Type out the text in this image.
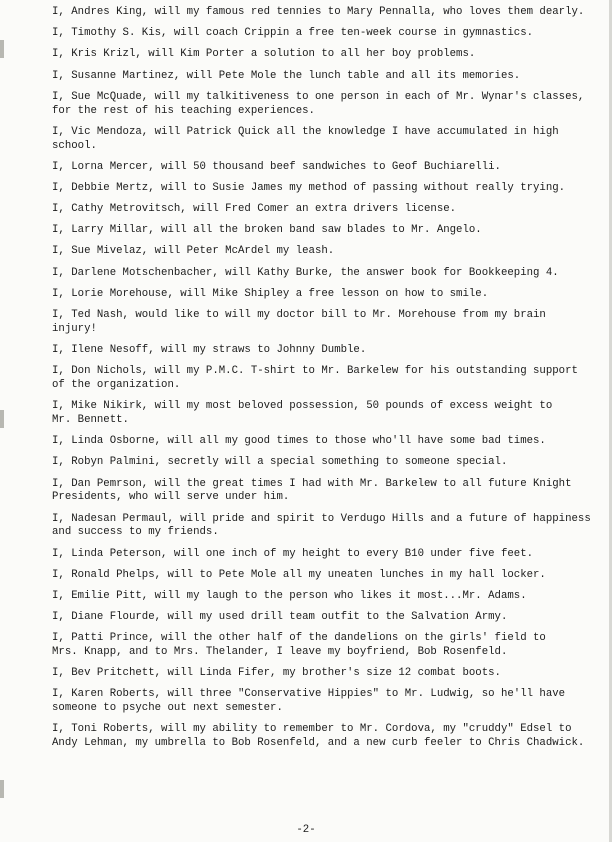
I, Andres King, will my famous red tennies to Mary Pennalla, who loves them dearly.
I, Timothy S. Kis, will coach Crippin a free ten-week course in gymnastics.
I, Kris Krizl, will Kim Porter a solution to all her boy problems.
I, Susanne Martinez, will Pete Mole the lunch table and all its memories.
I, Sue McQuade, will my talkitiveness to one person in each of Mr. Wynar's classes,
for the rest of his teaching experiences.
I, Vic Mendoza, will Patrick Quick all the knowledge I have accumulated in high
school.
I, Lorna Mercer, will 50 thousand beef sandwiches to Geof Buchiarelli.
I, Debbie Mertz, will to Susie James my method of passing without really trying.
I, Cathy Metrovitsch, will Fred Comer an extra drivers license.
I, Larry Millar, will all the broken band saw blades to Mr. Angelo.
I, Sue Mivelaz, will Peter McArdel my leash.
I, Darlene Motschenbacher, will Kathy Burke, the answer book for Bookkeeping 4.
I, Lorie Morehouse, will Mike Shipley a free lesson on how to smile.
I, Ted Nash, would like to will my doctor bill to Mr. Morehouse from my brain
injury!
I, Ilene Nesoff, will my straws to Johnny Dumble.
I, Don Nichols, will my P.M.C. T-shirt to Mr. Barkelew for his outstanding support
of the organization.
I, Mike Nikirk, will my most beloved possession, 50 pounds of excess weight to
Mr. Bennett.
I, Linda Osborne, will all my good times to those who'll have some bad times.
I, Robyn Palmini, secretly will a special something to someone special.
I, Dan Pemrson, will the great times I had with Mr. Barkelew to all future Knight
Presidents, who will serve under him.
I, Nadesan Permaul, will pride and spirit to Verdugo Hills and a future of happiness
and success to my friends.
I, Linda Peterson, will one inch of my height to every B10 under five feet.
I, Ronald Phelps, will to Pete Mole all my uneaten lunches in my hall locker.
I, Emilie Pitt, will my laugh to the person who likes it most...Mr. Adams.
I, Diane Flourde, will my used drill team outfit to the Salvation Army.
I, Patti Prince, will the other half of the dandelions on the girls' field to
Mrs. Knapp, and to Mrs. Thelander, I leave my boyfriend, Bob Rosenfeld.
I, Bev Pritchett, will Linda Fifer, my brother's size 12 combat boots.
I, Karen Roberts, will three "Conservative Hippies" to Mr. Ludwig, so he'll have
someone to psyche out next semester.
I, Toni Roberts, will my ability to remember to Mr. Cordova, my "cruddy" Edsel to
Andy Lehman, my umbrella to Bob Rosenfeld, and a new curb feeler to Chris Chadwick.
-2-
